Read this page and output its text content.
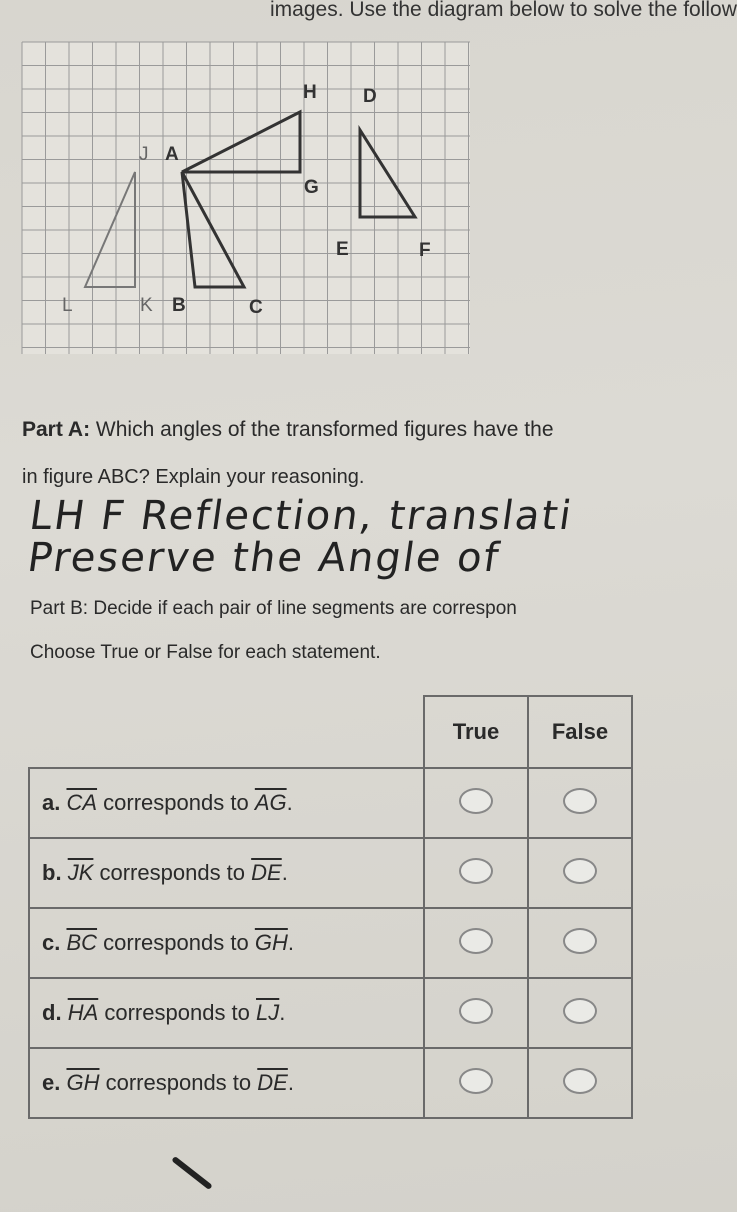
images. Use the diagram below to solve the follow
H D
J A
G
E	F
L	K B	C
Part A: Which angles of the transformed figures have the
in figure ABC? Explain your reasoning.
LH F Reflection, translati
Preserve the Angle of
Part B: Decide if each pair of line segments are correspon
Choose True or False for each statement.
	True	False
a. $\overline{CA}$ corresponds to $\overline{AG}$.		
b. $\overline{JK}$ corresponds to $\overline{DE}$.		
c. $\overline{BC}$ corresponds to $\overline{GH}$.		
d. $\overline{HA}$ corresponds to $\overline{LJ}$.		
e. $\overline{GH}$ corresponds to $\overline{DE}$.		
